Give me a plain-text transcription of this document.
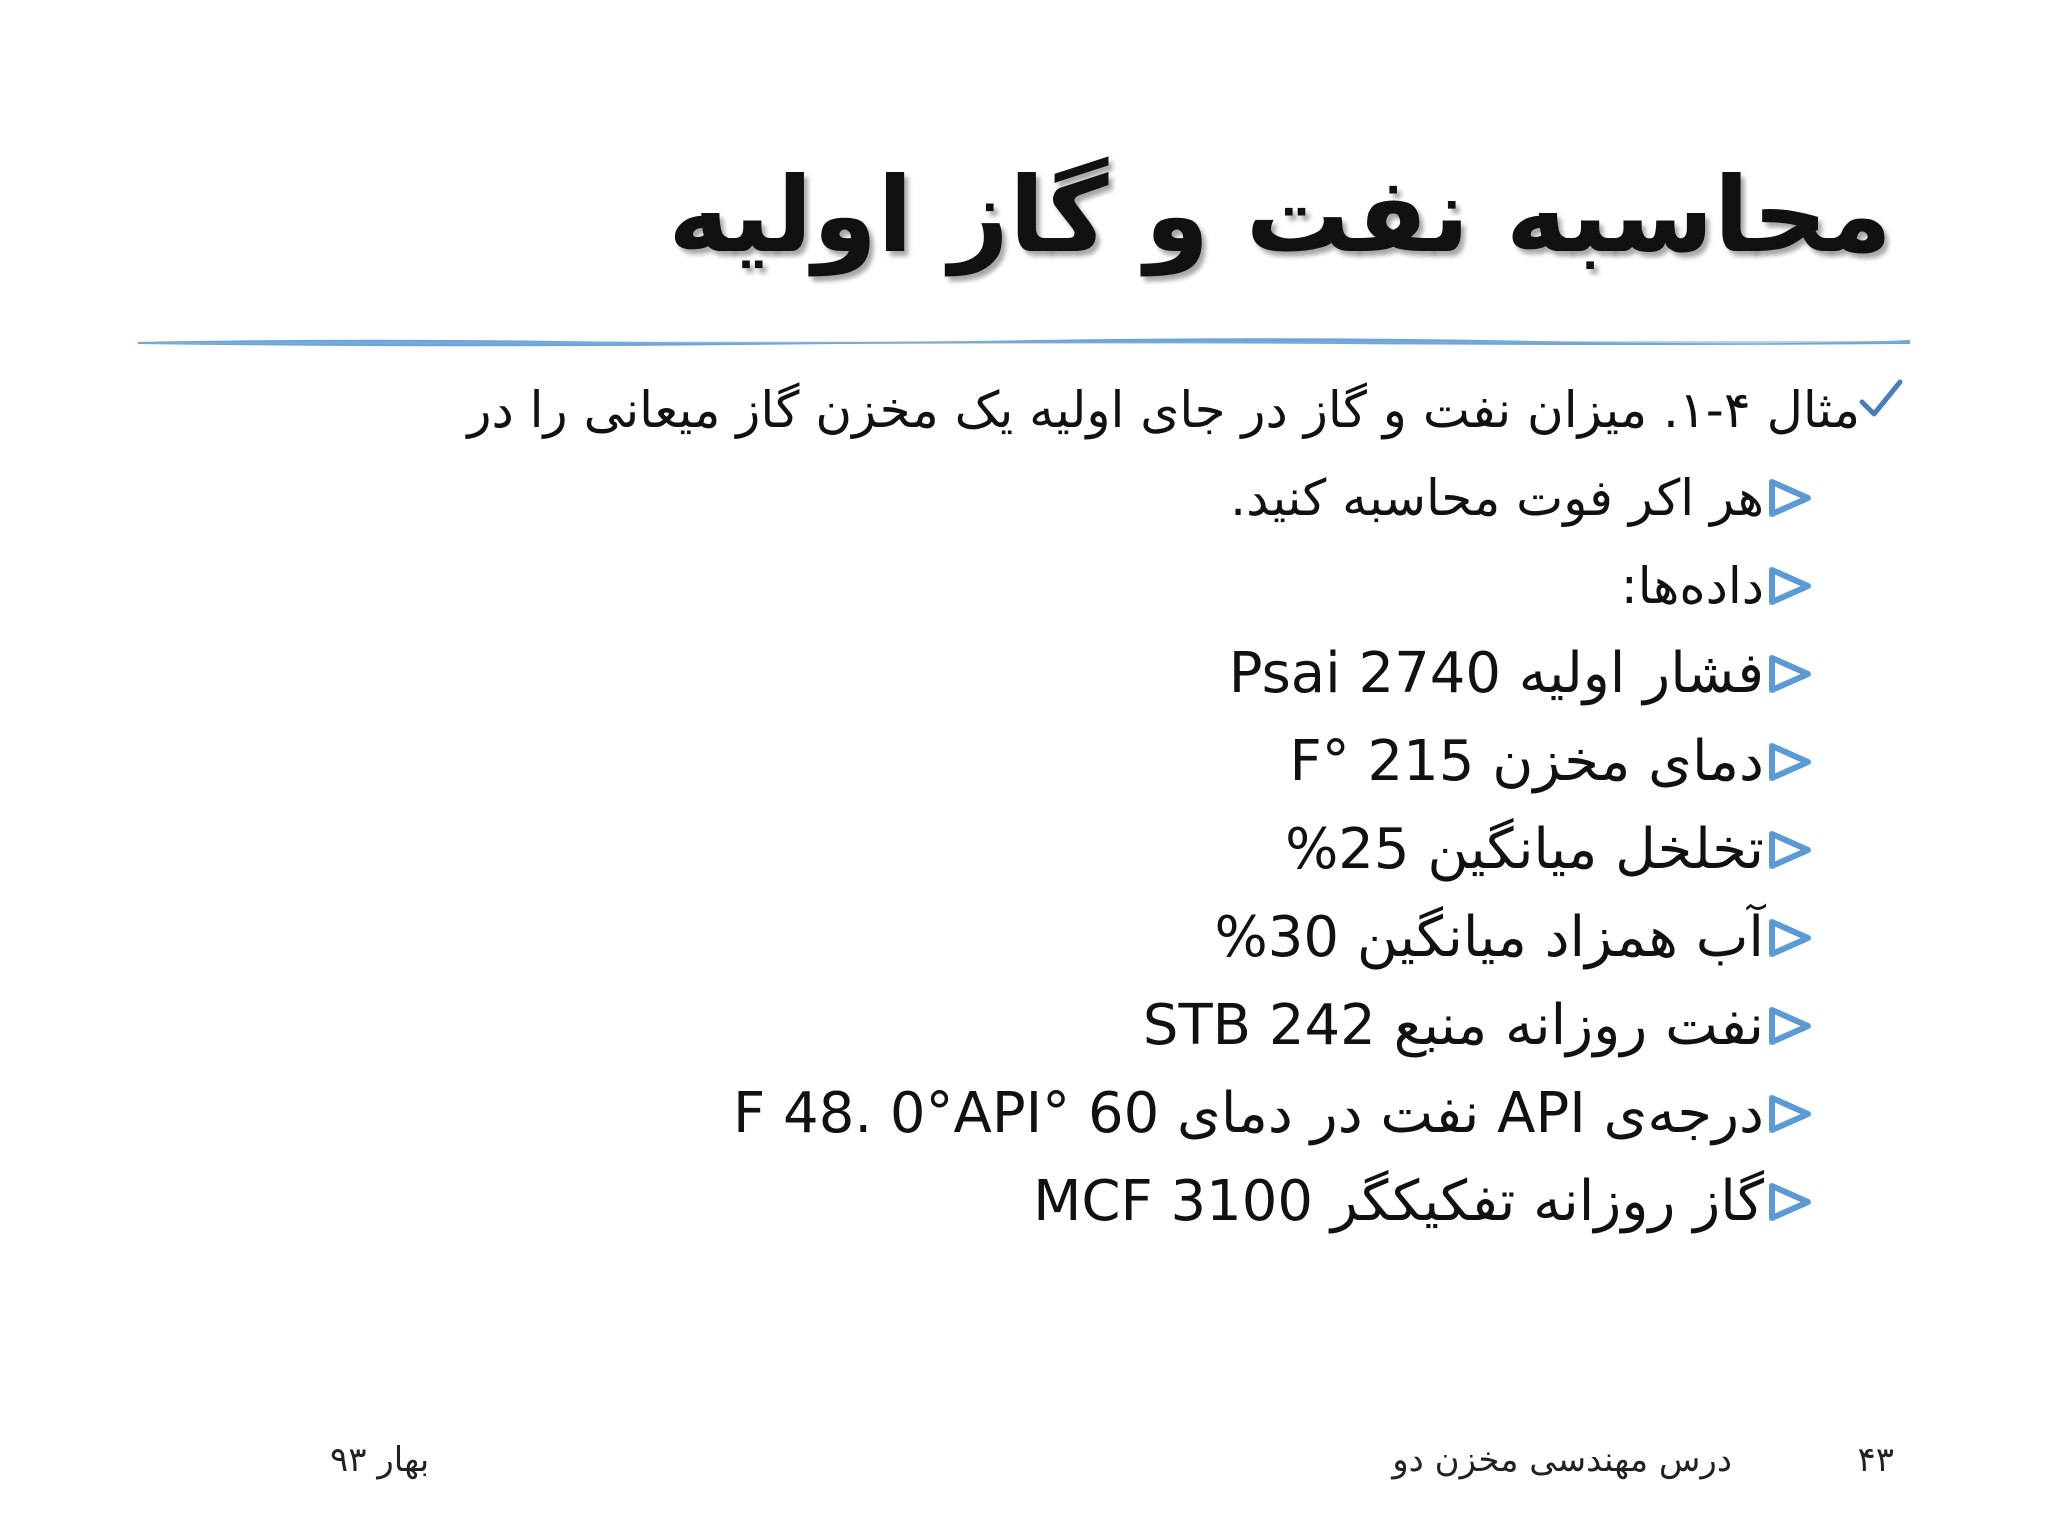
محاسبه نفت و گاز اولیه
مثال ۴-۱. میزان نفت و گاز در جای اولیه یک مخزن گاز میعانی را در
هر اکر فوت محاسبه کنید.
داده‌ها:
فشار اولیه 2740 Psai
دمای مخزن 215 °F
تخلخل میانگین 25%
آب همزاد میانگین 30%
نفت روزانه منبع 242 STB
درجه‌ی API نفت در دمای 60 °F 48. 0°API
گاز روزانه تفکیکگر 3100 MCF
۴۳
درس مهندسی مخزن دو
بهار ۹۳
